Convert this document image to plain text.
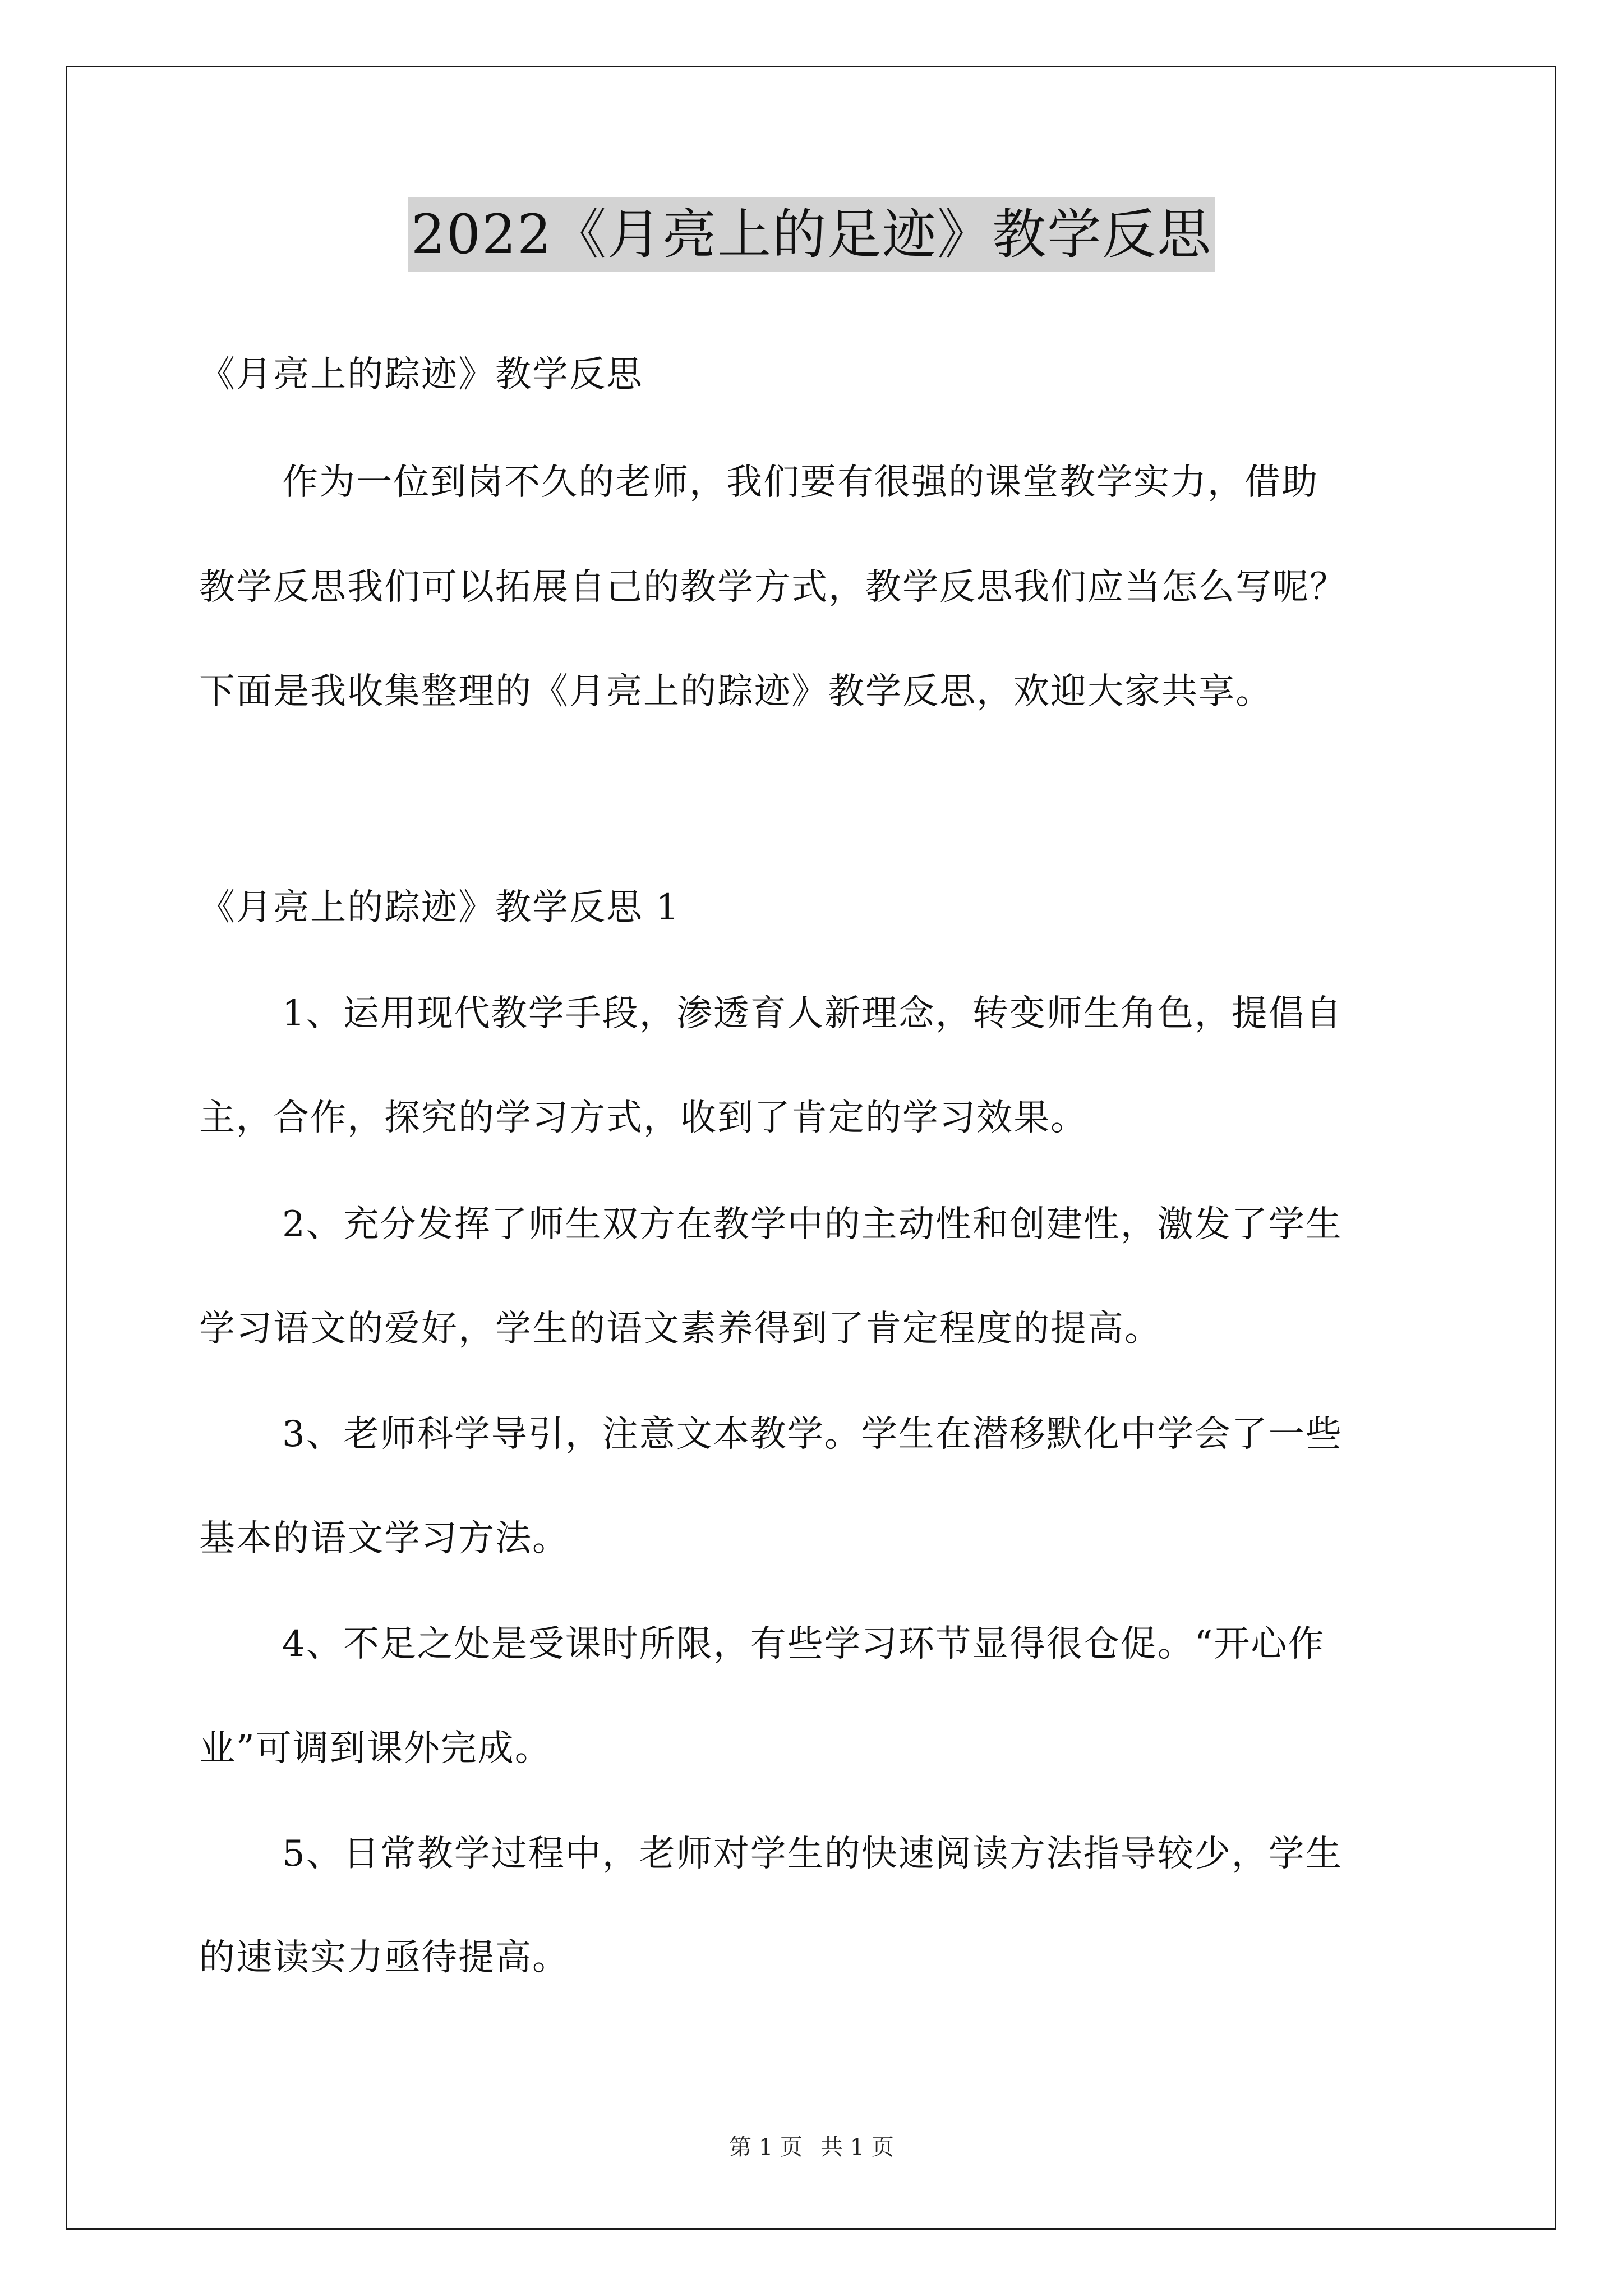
2022《月亮上的足迹》教学反思
《月亮上的踪迹》教学反思
作为一位到岗不久的老师，我们要有很强的课堂教学实力，借助
教学反思我们可以拓展自己的教学方式，教学反思我们应当怎么写呢？
下面是我收集整理的《月亮上的踪迹》教学反思，欢迎大家共享。
《月亮上的踪迹》教学反思 1
1、运用现代教学手段，渗透育人新理念，转变师生角色，提倡自
主，合作，探究的学习方式，收到了肯定的学习效果。
2、充分发挥了师生双方在教学中的主动性和创建性，激发了学生
学习语文的爱好，学生的语文素养得到了肯定程度的提高。
3、老师科学导引，注意文本教学。学生在潜移默化中学会了一些
基本的语文学习方法。
4、不足之处是受课时所限，有些学习环节显得很仓促。“开心作
业”可调到课外完成。
5、日常教学过程中，老师对学生的快速阅读方法指导较少，学生
的速读实力亟待提高。
第 1 页 共 1 页
